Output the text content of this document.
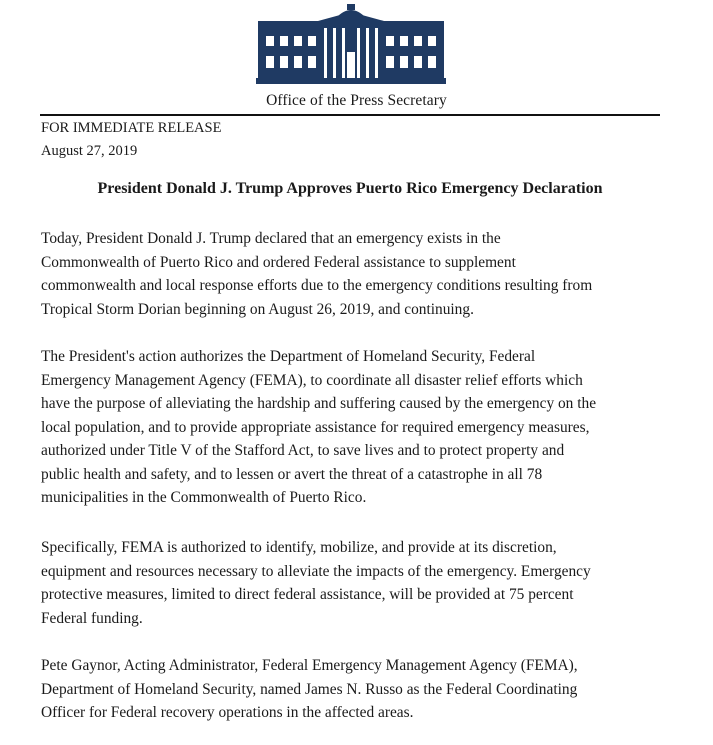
Office of the Press Secretary
FOR IMMEDIATE RELEASE
August 27, 2019
President Donald J. Trump Approves Puerto Rico Emergency Declaration

Today, President Donald J. Trump declared that an emergency exists in the
Commonwealth of Puerto Rico and ordered Federal assistance to supplement
commonwealth and local response efforts due to the emergency conditions resulting from
Tropical Storm Dorian beginning on August 26, 2019, and continuing.

The President's action authorizes the Department of Homeland Security, Federal
Emergency Management Agency (FEMA), to coordinate all disaster relief efforts which
have the purpose of alleviating the hardship and suffering caused by the emergency on the
local population, and to provide appropriate assistance for required emergency measures,
authorized under Title V of the Stafford Act, to save lives and to protect property and
public health and safety, and to lessen or avert the threat of a catastrophe in all 78
municipalities in the Commonwealth of Puerto Rico.

Specifically, FEMA is authorized to identify, mobilize, and provide at its discretion,
equipment and resources necessary to alleviate the impacts of the emergency. Emergency
protective measures, limited to direct federal assistance, will be provided at 75 percent
Federal funding.

Pete Gaynor, Acting Administrator, Federal Emergency Management Agency (FEMA),
Department of Homeland Security, named James N. Russo as the Federal Coordinating
Officer for Federal recovery operations in the affected areas.
